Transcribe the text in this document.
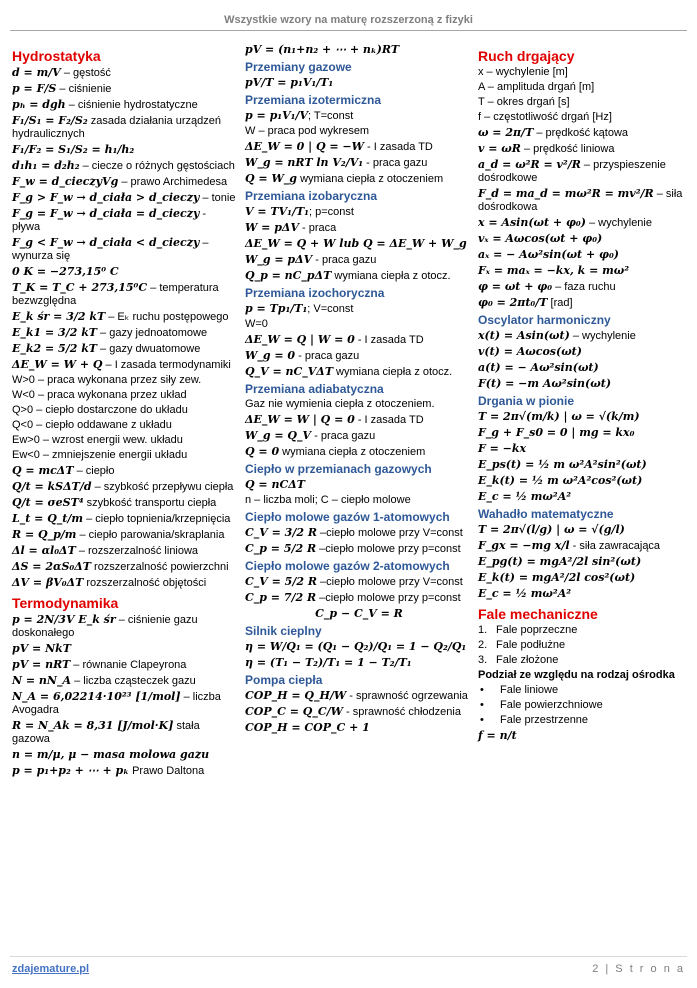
Wszystkie wzory na maturę rozszerzoną z fizyki
Hydrostatyka
d = m/V – gęstość
p = F/S – ciśnienie
pₕ = dgh – ciśnienie hydrostatyczne
F₁/S₁ = F₂/S₂ zasada działania urządzeń hydraulicznych
F₁/F₂ = S₁/S₂ = h₁/h₂
d₁h₁ = d₂h₂ – ciecze o różnych gęstościach
F_w = d_cieczyVg – prawo Archimedesa
F_g > F_w → d_ciała > d_cieczy – tonie
F_g = F_w → d_ciała = d_cieczy - pływa
F_g < F_w → d_ciała < d_cieczy – wynurza się
0 K = −273,15⁰ C
T_K = T_C + 273,15⁰C – temperatura bezwzględna
E_k śr = 3/2 kT – Eₖ ruchu postępowego
E_k1 = 3/2 kT – gazy jednoatomowe
E_k2 = 5/2 kT – gazy dwuatomowe
ΔE_W = W + Q – I zasada termodynamiki
W>0 – praca wykonana przez siły zew.
W<0 – praca wykonana przez układ
Q>0 – ciepło dostarczone do układu
Q<0 – ciepło oddawane z układu
Ew>0 – wzrost energii wew. układu
Ew<0 – zmniejszenie energii układu
Q = mcΔT – ciepło
Q/t = kSΔT/d – szybkość przepływu ciepła
Q/t = σeST⁴ szybkość transportu ciepła
L_t = Q_t/m – ciepło topnienia/krzepnięcia
R = Q_p/m – ciepło parowania/skraplania
Δl = αl₀ΔT – rozszerzalność liniowa
ΔS = 2αS₀ΔT rozszerzalność powierzchni
ΔV = βV₀ΔT rozszerzalność objętości
Termodynamika
p = 2N/3V E_k śr – ciśnienie gazu doskonałego
pV = NkT
pV = nRT – równanie Clapeyrona
N = nN_A – liczba cząsteczek gazu
N_A = 6,02214·10²³ [1/mol] – liczba Avogadra
R = N_Ak = 8,31 [J/mol·K] stała gazowa
n = m/μ, μ − masa molowa gazu
p = p₁+p₂ + ⋯ + pₖ Prawo Daltona
pV = (n₁+n₂ + ⋯ + nₖ)RT
Przemiany gazowe
pV/T = p₁V₁/T₁
Przemiana izotermiczna
p = p₁V₁/V; T=const
W – praca pod wykresem
ΔE_W = 0 | Q = −W - I zasada TD
W_g = nRT ln V₂/V₁ - praca gazu
Q = W_g wymiana ciepła z otoczeniem
Przemiana izobaryczna
V = TV₁/T₁; p=const
W = pΔV - praca
ΔE_W = Q + W lub Q = ΔE_W + W_g
W_g = pΔV - praca gazu
Q_p = nC_pΔT wymiana ciepła z otocz.
Przemiana izochoryczna
p = Tp₁/T₁; V=const
W=0
ΔE_W = Q | W = 0 - I zasada TD
W_g = 0 - praca gazu
Q_V = nC_VΔT wymiana ciepła z otocz.
Przemiana adiabatyczna
Gaz nie wymienia ciepła z otoczeniem.
ΔE_W = W | Q = 0 - I zasada TD
W_g = Q_V - praca gazu
Q = 0 wymiana ciepła z otoczeniem
Ciepło w przemianach gazowych
Q = nCΔT
n – liczba moli; C – ciepło molowe
Ciepło molowe gazów 1-atomowych
C_V = 3/2 R –ciepło molowe przy V=const
C_p = 5/2 R –ciepło molowe przy p=const
Ciepło molowe gazów 2-atomowych
C_V = 5/2 R –ciepło molowe przy V=const
C_p = 7/2 R –ciepło molowe przy p=const
C_p − C_V = R
Silnik cieplny
η = W/Q₁ = (Q₁ − Q₂)/Q₁ = 1 − Q₂/Q₁
η = (T₁ − T₂)/T₁ = 1 − T₂/T₁
Pompa ciepła
COP_H = Q_H/W - sprawność ogrzewania
COP_C = Q_C/W - sprawność chłodzenia
COP_H = COP_C + 1
Ruch drgający
x – wychylenie [m]
A – amplituda drgań [m]
T – okres drgań [s]
f – częstotliwość drgań [Hz]
ω = 2π/T – prędkość kątowa
v = ωR – prędkość liniowa
a_d = ω²R = v²/R – przyspieszenie dośrodkowe
F_d = ma_d = mω²R = mv²/R – siła dośrodkowa
x = Asin(ωt + φ₀) – wychylenie
vₓ = Aωcos(ωt + φ₀)
aₓ = − Aω²sin(ωt + φ₀)
Fₓ = maₓ = −kx, k = mω²
φ = ωt + φ₀ – faza ruchu
φ₀ = 2πt₀/T [rad]
Oscylator harmoniczny
x(t) = Asin(ωt) – wychylenie
v(t) = Aωcos(ωt)
a(t) = − Aω²sin(ωt)
F(t) = −m Aω²sin(ωt)
Drgania w pionie
T = 2π√(m/k) | ω = √(k/m)
F_g + F_s0 = 0 | mg = kx₀
F = −kx
E_ps(t) = ½ m ω²A²sin²(ωt)
E_k(t) = ½ m ω²A²cos²(ωt)
E_c = ½ mω²A²
Wahadło matematyczne
T = 2π√(l/g) | ω = √(g/l)
F_gx = −mg x/l - siła zawracająca
E_pg(t) = mgA²/2l sin²(ωt)
E_k(t) = mgA²/2l cos²(ωt)
E_c = ½ mω²A²
Fale mechaniczne
1. Fale poprzeczne
2. Fale podłużne
3. Fale złożone
Podział ze względu na rodzaj ośrodka
• Fale liniowe
• Fale powierzchniowe
• Fale przestrzenne
f = n/t
zdajemature.pl	2 | S t r o n a
